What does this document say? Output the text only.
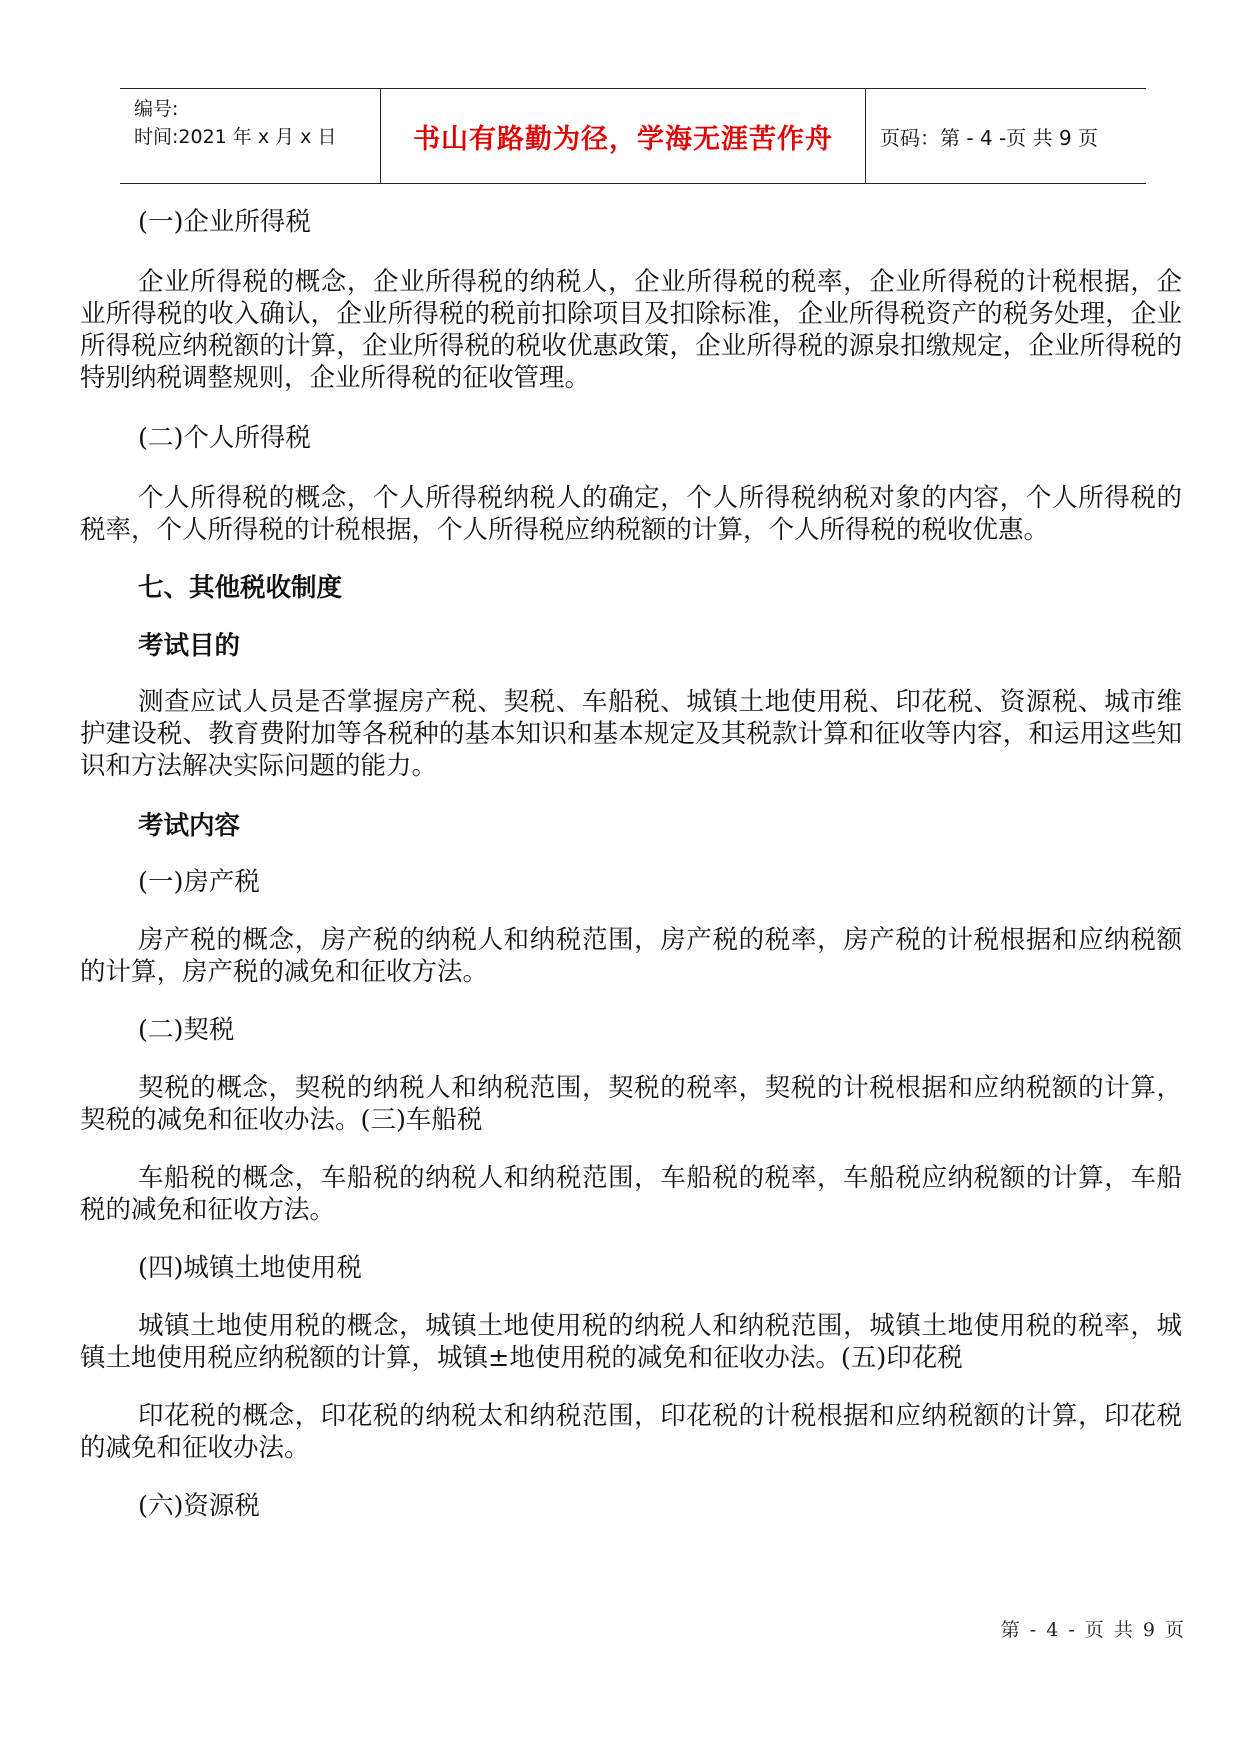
编号:
时间:2021 年 x 月 x 日	书山有路勤为径，学海无涯苦作舟	页码：第 - 4 -页 共 9 页

(一)企业所得税

企业所得税的概念，企业所得税的纳税人，企业所得税的税率，企业所得税的计税根据，企业所得税的收入确认，企业所得税的税前扣除项目及扣除标准，企业所得税资产的税务处理，企业所得税应纳税额的计算，企业所得税的税收优惠政策，企业所得税的源泉扣缴规定，企业所得税的特别纳税调整规则，企业所得税的征收管理。

(二)个人所得税

个人所得税的概念，个人所得税纳税人的确定，个人所得税纳税对象的内容，个人所得税的税率，个人所得税的计税根据，个人所得税应纳税额的计算，个人所得税的税收优惠。

七、其他税收制度

考试目的

测查应试人员是否掌握房产税、契税、车船税、城镇土地使用税、印花税、资源税、城市维护建设税、教育费附加等各税种的基本知识和基本规定及其税款计算和征收等内容，和运用这些知识和方法解决实际问题的能力。

考试内容

(一)房产税

房产税的概念，房产税的纳税人和纳税范围，房产税的税率，房产税的计税根据和应纳税额的计算，房产税的减免和征收方法。

(二)契税

契税的概念，契税的纳税人和纳税范围，契税的税率，契税的计税根据和应纳税额的计算，契税的减免和征收办法。(三)车船税

车船税的概念，车船税的纳税人和纳税范围，车船税的税率，车船税应纳税额的计算，车船税的减免和征收方法。

(四)城镇土地使用税

城镇土地使用税的概念，城镇土地使用税的纳税人和纳税范围，城镇土地使用税的税率，城镇土地使用税应纳税额的计算，城镇±地使用税的减免和征收办法。(五)印花税

印花税的概念，印花税的纳税太和纳税范围，印花税的计税根据和应纳税额的计算，印花税的减免和征收办法。

(六)资源税

第 - 4 - 页 共 9 页
